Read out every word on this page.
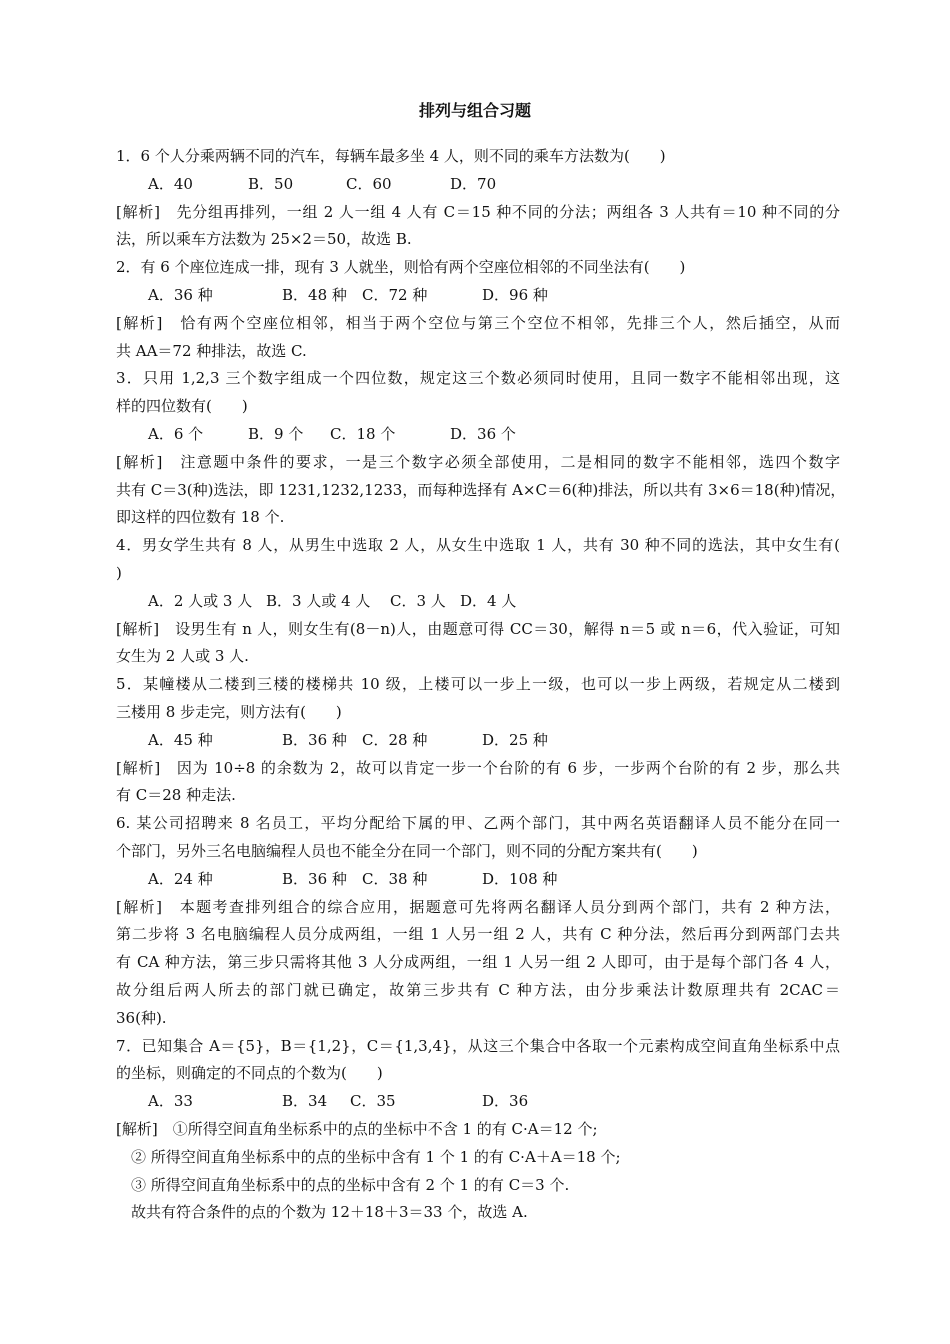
排列与组合习题
1．6 个人分乘两辆不同的汽车，每辆车最多坐 4 人，则不同的乘车方法数为(　　)
A．40	B．50	C．60	D．70
[解析]　先分组再排列，一组 2 人一组 4 人有 C＝15 种不同的分法；两组各 3 人共有＝10 种不同的分
法，所以乘车方法数为 25×2＝50，故选 B.
2．有 6 个座位连成一排，现有 3 人就坐，则恰有两个空座位相邻的不同坐法有(　　)
A．36 种	B．48 种 C．72 种	D．96 种
[解析]　恰有两个空座位相邻，相当于两个空位与第三个空位不相邻，先排三个人，然后插空，从而
共 AA＝72 种排法，故选 C.
3．只用 1,2,3 三个数字组成一个四位数，规定这三个数必须同时使用，且同一数字不能相邻出现，这
样的四位数有(　　)
A．6 个	B．9 个 C．18 个	D．36 个
[解析]　注意题中条件的要求，一是三个数字必须全部使用，二是相同的数字不能相邻，选四个数字
共有 C＝3(种)选法，即 1231,1232,1233，而每种选择有 A×C＝6(种)排法，所以共有 3×6＝18(种)情况，
即这样的四位数有 18 个.
4．男女学生共有 8 人，从男生中选取 2 人，从女生中选取 1 人，共有 30 种不同的选法，其中女生有(
)
A．2 人或 3 人 B．3 人或 4 人 C．3 人 D．4 人
[解析]　设男生有 n 人，则女生有(8－n)人，由题意可得 CC＝30，解得 n＝5 或 n＝6，代入验证，可知
女生为 2 人或 3 人.
5．某幢楼从二楼到三楼的楼梯共 10 级，上楼可以一步上一级，也可以一步上两级，若规定从二楼到
三楼用 8 步走完，则方法有(　　)
A．45 种	B．36 种 C．28 种	D．25 种
[解析]　因为 10÷8 的余数为 2，故可以肯定一步一个台阶的有 6 步，一步两个台阶的有 2 步，那么共
有 C＝28 种走法.
6. 某公司招聘来 8 名员工，平均分配给下属的甲、乙两个部门，其中两名英语翻译人员不能分在同一
个部门，另外三名电脑编程人员也不能全分在同一个部门，则不同的分配方案共有(　　)
A．24 种	B．36 种 C．38 种	D．108 种
[解析]　本题考查排列组合的综合应用，据题意可先将两名翻译人员分到两个部门，共有 2 种方法，
第二步将 3 名电脑编程人员分成两组，一组 1 人另一组 2 人，共有 C 种分法，然后再分到两部门去共
有 CA 种方法，第三步只需将其他 3 人分成两组，一组 1 人另一组 2 人即可，由于是每个部门各 4 人，
故分组后两人所去的部门就已确定，故第三步共有 C 种方法，由分步乘法计数原理共有 2CAC＝
36(种).
7．已知集合 A＝{5}，B＝{1,2}，C＝{1,3,4}，从这三个集合中各取一个元素构成空间直角坐标系中点
的坐标，则确定的不同点的个数为(　　)
A．33	B．34 C．35	D．36
[解析]　①所得空间直角坐标系中的点的坐标中不含 1 的有 C·A＝12 个;
　② 所得空间直角坐标系中的点的坐标中含有 1 个 1 的有 C·A＋A＝18 个;
　③ 所得空间直角坐标系中的点的坐标中含有 2 个 1 的有 C＝3 个.
　故共有符合条件的点的个数为 12＋18＋3＝33 个，故选 A.
